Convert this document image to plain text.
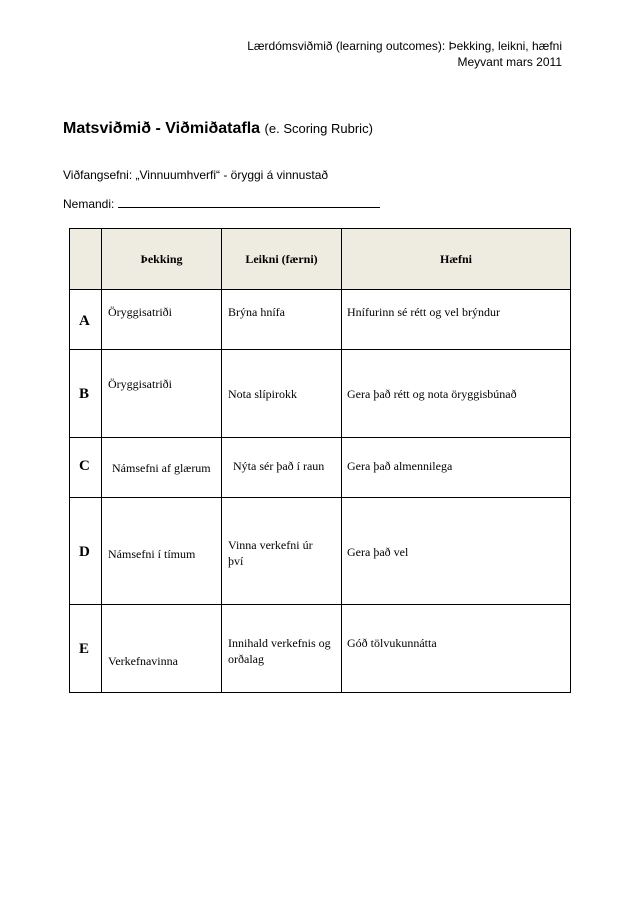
Lærdómsviðmið (learning outcomes): Þekking, leikni, hæfni
Meyvant mars 2011
Matsviðmið - Viðmiðatafla (e. Scoring Rubric)
Viðfangsefni: „Vinnuumhverfi“ - öryggi á vinnustað
Nemandi:
	Þekking	Leikni (færni)	Hæfni

A	Öryggisatriði	Brýna hnífa	Hnífurinn sé rétt og vel brýndur

B	Öryggisatriði	Nota slípirokk	Gera það rétt og nota öryggisbúnað

C	Námsefni af glærum	Nýta sér það í raun	Gera það almennilega

D	Námsefni í tímum	Vinna verkefni úr því	Gera það vel

E	Verkefnavinna	Innihald verkefnis og orðalag	Góð tölvukunnátta
